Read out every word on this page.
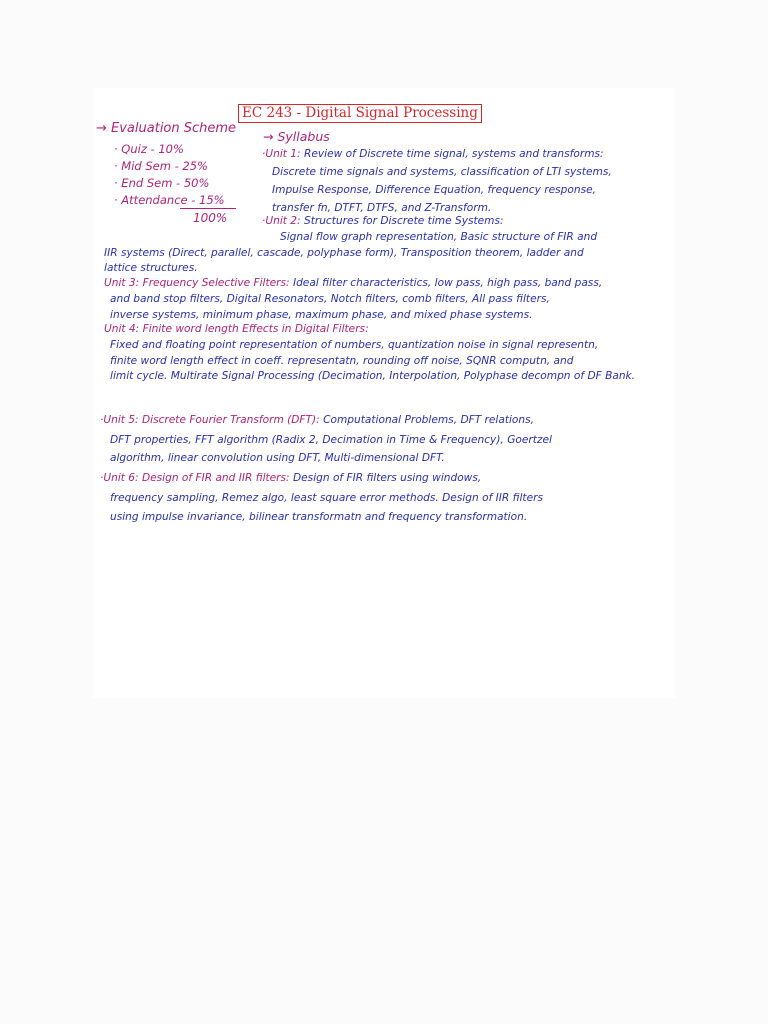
EC 243 - Digital Signal Processing
→ Evaluation Scheme
· Quiz - 10%
· Mid Sem - 25%
· End Sem - 50%
· Attendance - 15%
100%
→ Syllabus
·Unit 1: Review of Discrete time signal, systems and transforms:
Discrete time signals and systems, classification of LTI systems,
Impulse Response, Difference Equation, frequency response,
transfer fn, DTFT, DTFS, and Z-Transform.
·Unit 2: Structures for Discrete time Systems:
Signal flow graph representation, Basic structure of FIR and
IIR systems (Direct, parallel, cascade, polyphase form), Transposition theorem, ladder and
lattice structures.
Unit 3: Frequency Selective Filters: Ideal filter characteristics, low pass, high pass, band pass,
and band stop filters, Digital Resonators, Notch filters, comb filters, All pass filters,
inverse systems, minimum phase, maximum phase, and mixed phase systems.
Unit 4: Finite word length Effects in Digital Filters:
Fixed and floating point representation of numbers, quantization noise in signal representn,
finite word length effect in coeff. representatn, rounding off noise, SQNR computn, and
limit cycle. Multirate Signal Processing (Decimation, Interpolation, Polyphase decompn of DF Bank.
·Unit 5: Discrete Fourier Transform (DFT): Computational Problems, DFT relations,
DFT properties, FFT algorithm (Radix 2, Decimation in Time & Frequency), Goertzel
algorithm, linear convolution using DFT, Multi-dimensional DFT.
·Unit 6: Design of FIR and IIR filters: Design of FIR filters using windows,
frequency sampling, Remez algo, least square error methods. Design of IIR filters
using impulse invariance, bilinear transformatn and frequency transformation.
